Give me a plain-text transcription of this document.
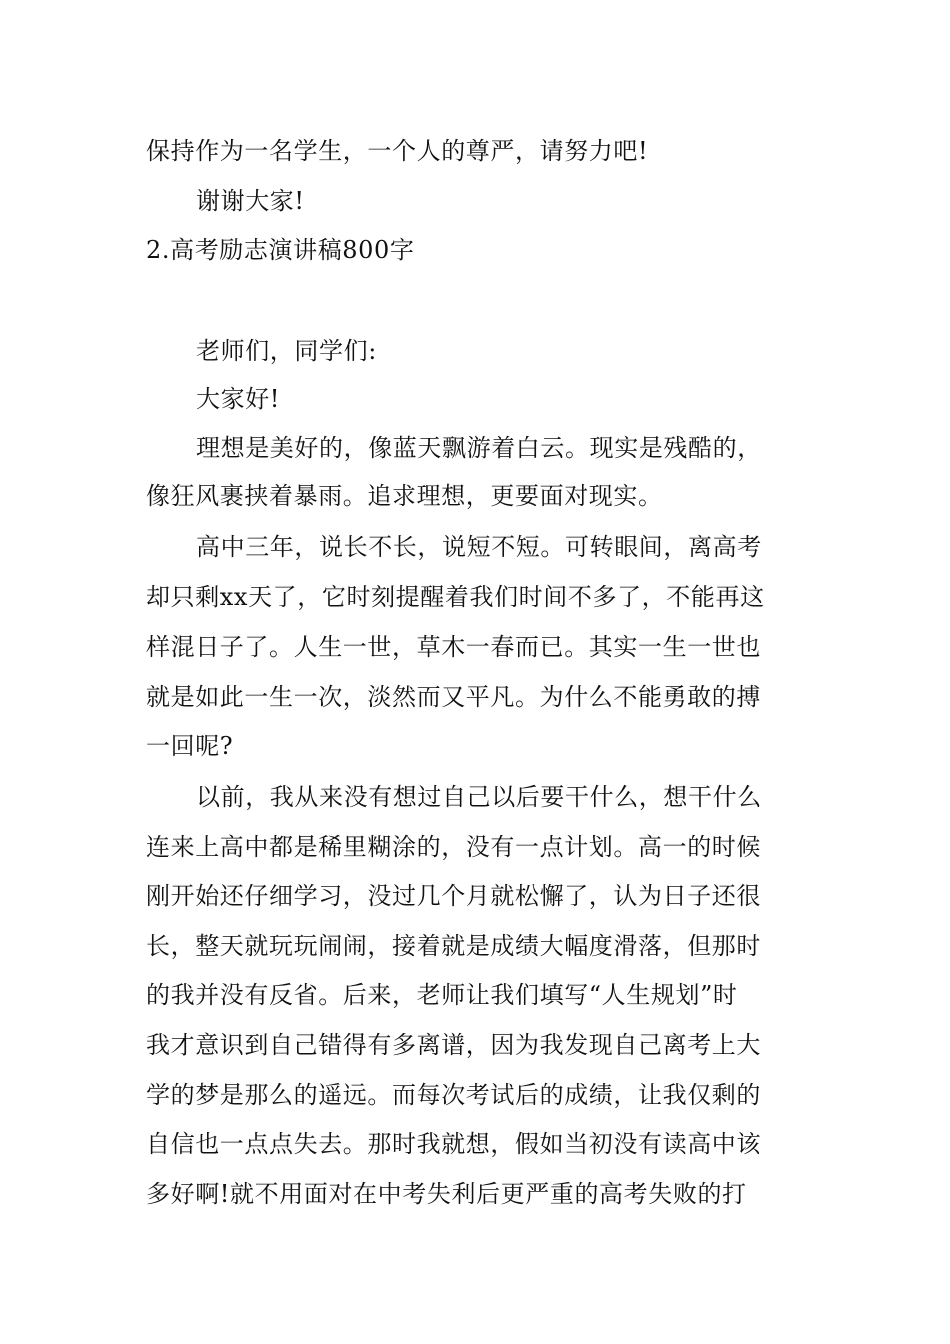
保持作为一名学生，一个人的尊严，请努力吧!
谢谢大家!
2.高考励志演讲稿800字
老师们，同学们:
大家好!
理想是美好的，像蓝天飘游着白云。现实是残酷的，
像狂风裹挟着暴雨。追求理想，更要面对现实。
高中三年，说长不长，说短不短。可转眼间，离高考
却只剩xx天了，它时刻提醒着我们时间不多了，不能再这
样混日子了。人生一世，草木一春而已。其实一生一世也
就是如此一生一次，淡然而又平凡。为什么不能勇敢的搏
一回呢?
以前，我从来没有想过自己以后要干什么，想干什么
连来上高中都是稀里糊涂的，没有一点计划。高一的时候
刚开始还仔细学习，没过几个月就松懈了，认为日子还很
长，整天就玩玩闹闹，接着就是成绩大幅度滑落，但那时
的我并没有反省。后来，老师让我们填写“人生规划”时
我才意识到自己错得有多离谱，因为我发现自己离考上大
学的梦是那么的遥远。而每次考试后的成绩，让我仅剩的
自信也一点点失去。那时我就想，假如当初没有读高中该
多好啊!就不用面对在中考失利后更严重的高考失败的打
